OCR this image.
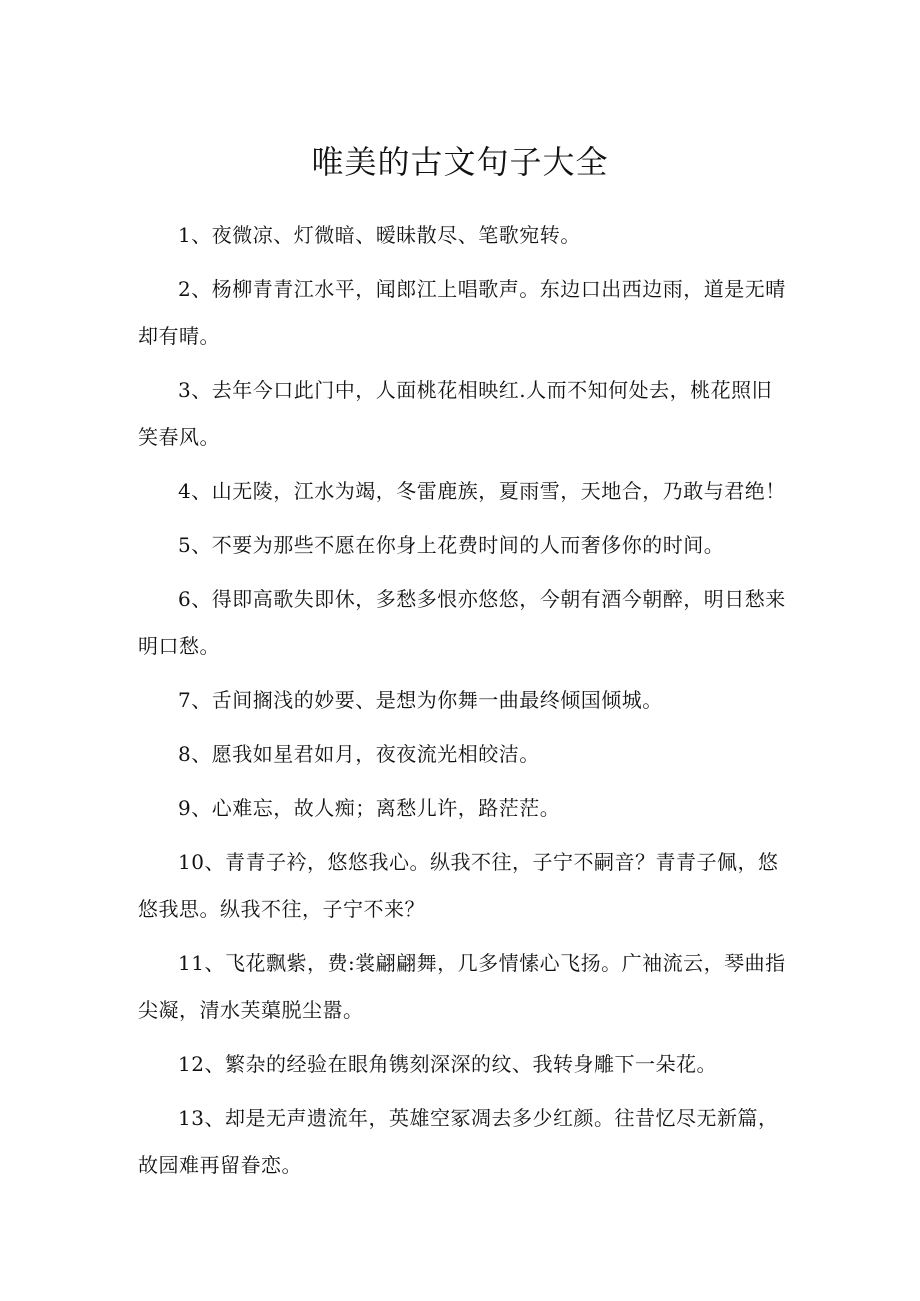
唯美的古文句子大全

1、夜微凉、灯微暗、暧昧散尽、笔歌宛转。

2、杨柳青青江水平，闻郎江上唱歌声。东边口出西边雨，道是无晴却有晴。

3、去年今口此门中，人面桃花相映红.人而不知何处去，桃花照旧笑春风。

4、山无陵，江水为竭，冬雷鹿族，夏雨雪，天地合，乃敢与君绝！

5、不要为那些不愿在你身上花费时间的人而奢侈你的时间。

6、得即高歌失即休，多愁多恨亦悠悠，今朝有酒今朝醉，明日愁来明口愁。

7、舌间搁浅的妙要、是想为你舞一曲最终倾国倾城。

8、愿我如星君如月，夜夜流光相皎洁。

9、心难忘，故人痴；离愁儿许，路茫茫。

10、青青子衿，悠悠我心。纵我不往，子宁不嗣音？青青子佩，悠悠我思。纵我不往，子宁不来？

11、飞花飘紫，费:裳翩翩舞，几多情愫心飞扬。广袖流云，琴曲指尖凝，清水芙蕖脱尘嚣。

12、繁杂的经验在眼角镌刻深深的纹、我转身雕下一朵花。

13、却是无声遗流年，英雄空冢凋去多少红颜。往昔忆尽无新篇，故园难再留眷恋。
